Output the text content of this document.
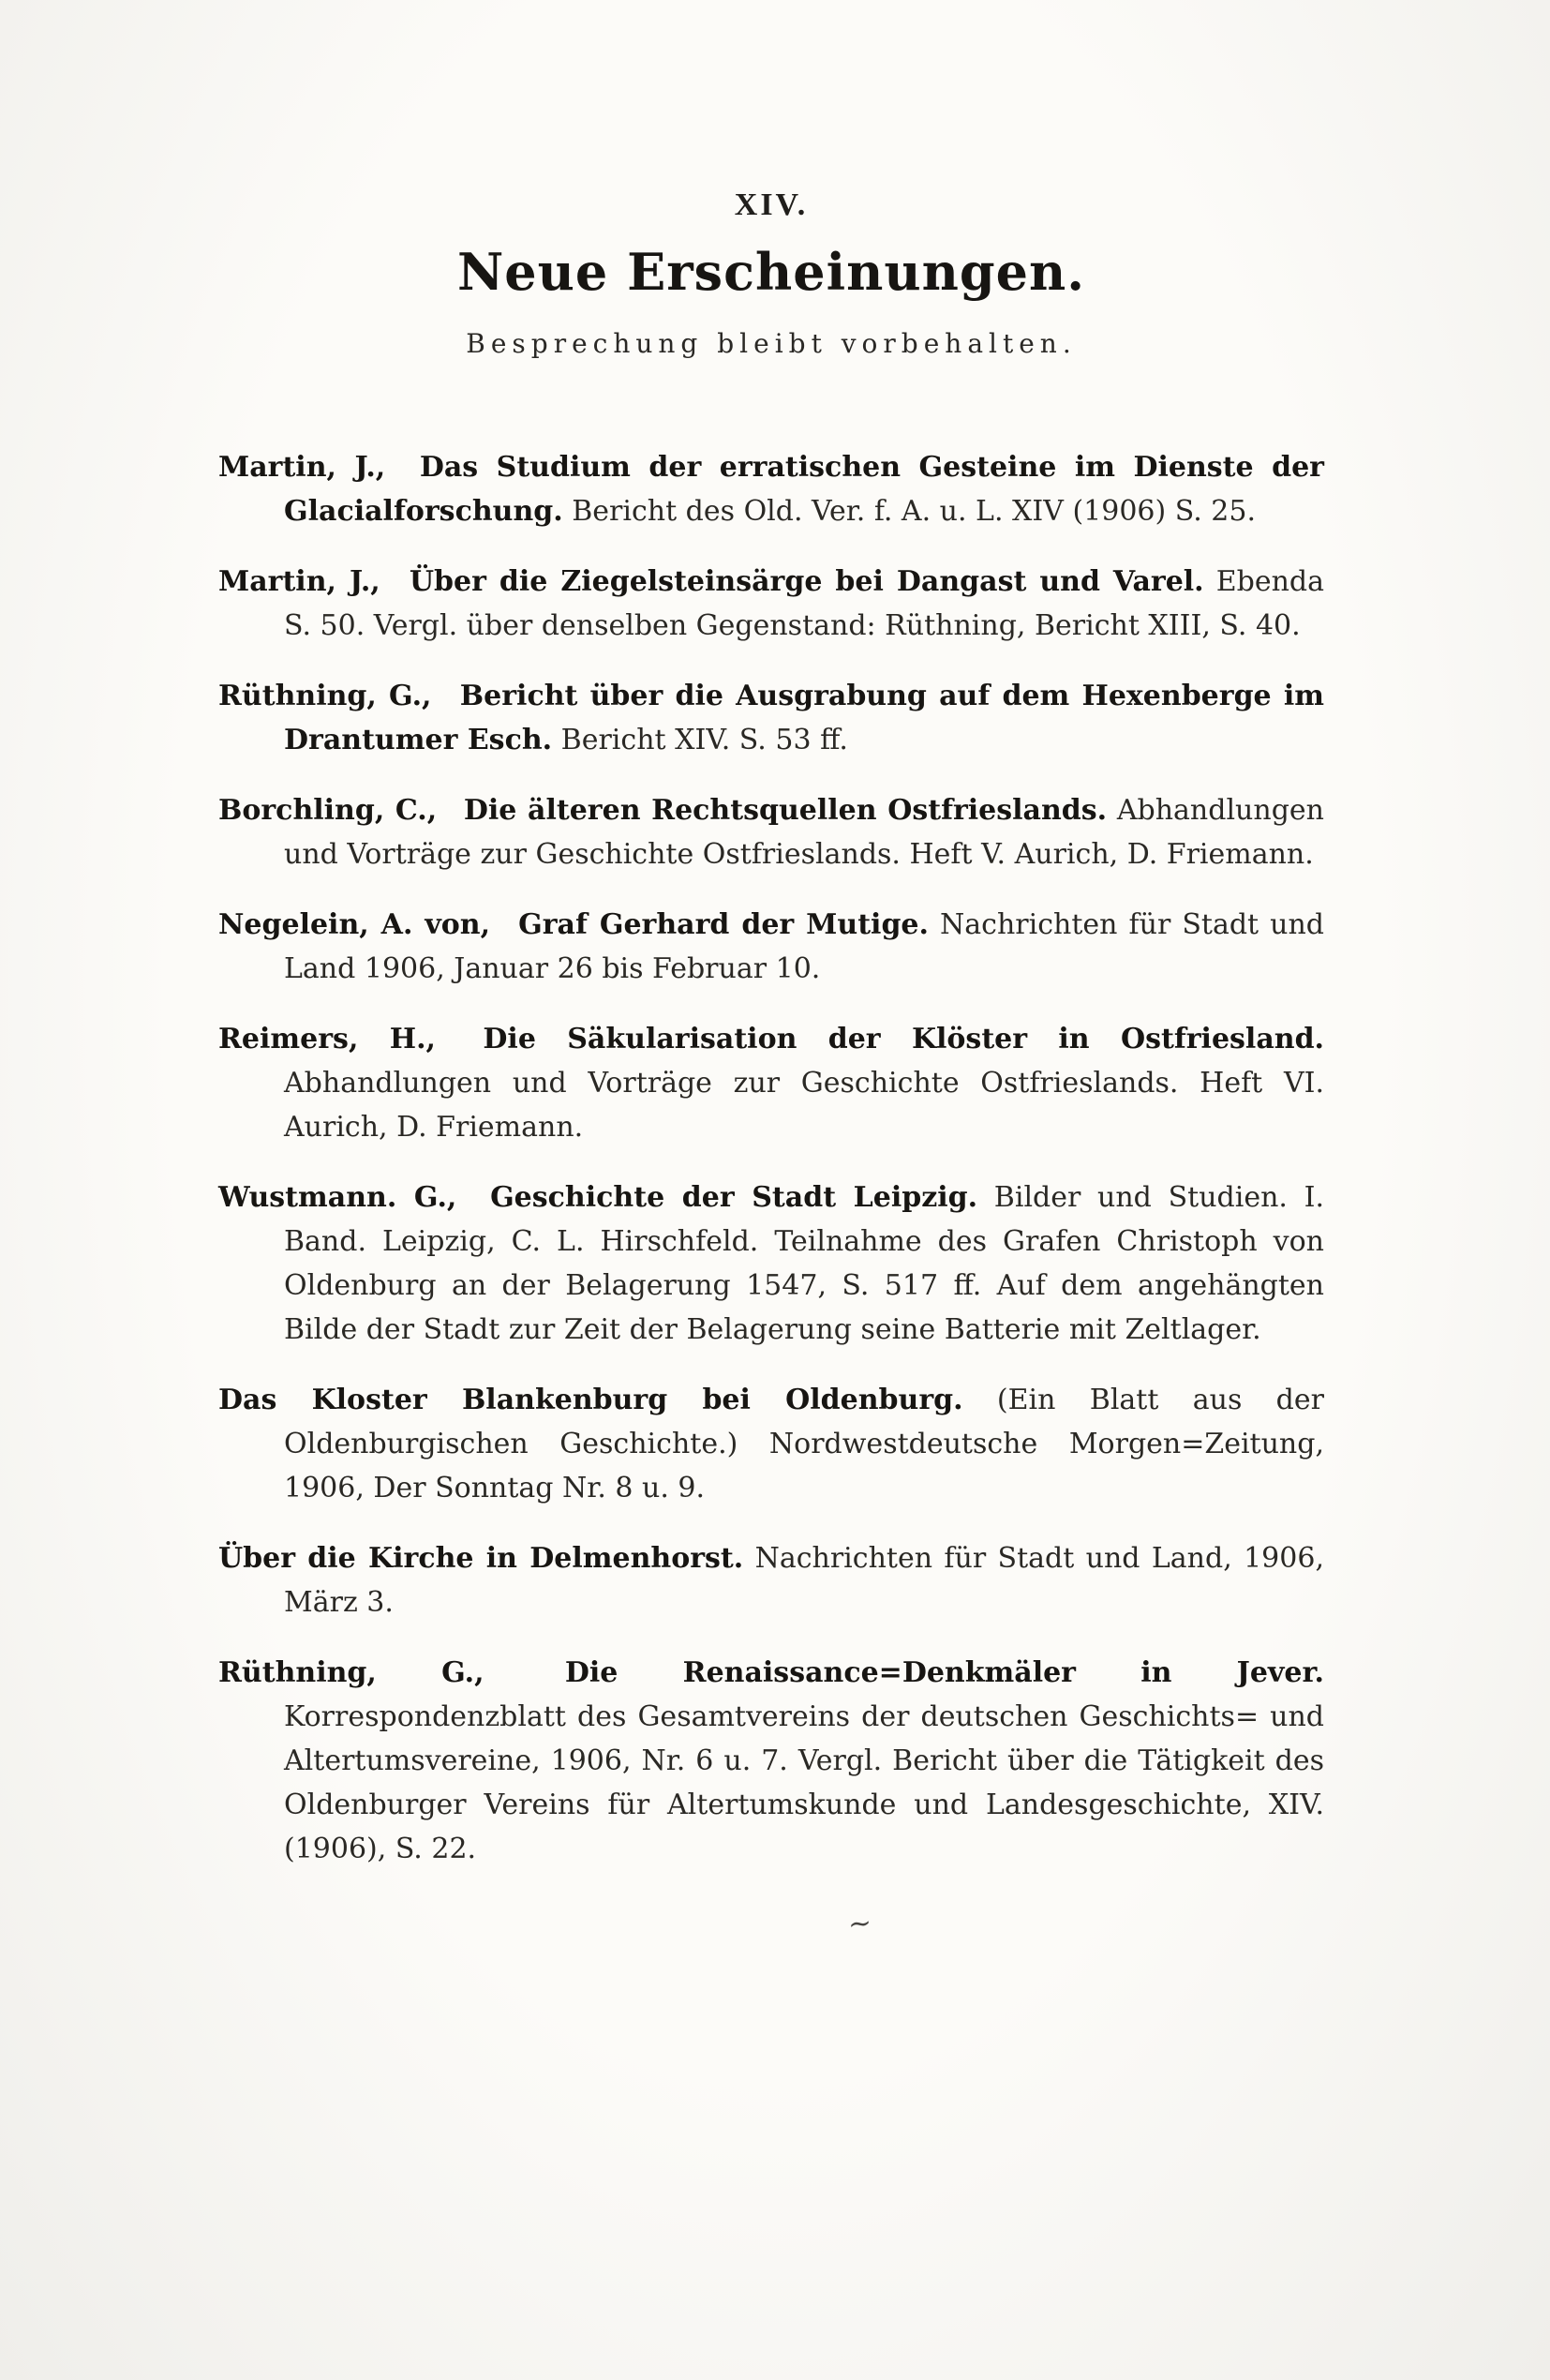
XIV.
Neue Erscheinungen.
Besprechung bleibt vorbehalten.

Martin, J., Das Studium der erratischen Gesteine im Dienste der Glacialforschung. Bericht des Old. Ver. f. A. u. L. XIV (1906) S. 25.

Martin, J., Über die Ziegelsteinsärge bei Dangast und Varel. Ebenda S. 50. Vergl. über denselben Gegenstand: Rüthning, Bericht XIII, S. 40.

Rüthning, G., Bericht über die Ausgrabung auf dem Hexenberge im Drantumer Esch. Bericht XIV. S. 53 ff.

Borchling, C., Die älteren Rechtsquellen Ostfrieslands. Abhandlungen und Vorträge zur Geschichte Ostfrieslands. Heft V. Aurich, D. Friemann.

Negelein, A. von, Graf Gerhard der Mutige. Nachrichten für Stadt und Land 1906, Januar 26 bis Februar 10.

Reimers, H., Die Säkularisation der Klöster in Ostfriesland. Abhandlungen und Vorträge zur Geschichte Ostfrieslands. Heft VI. Aurich, D. Friemann.

Wustmann. G., Geschichte der Stadt Leipzig. Bilder und Studien. I. Band. Leipzig, C. L. Hirschfeld. Teilnahme des Grafen Christoph von Oldenburg an der Belagerung 1547, S. 517 ff. Auf dem angehängten Bilde der Stadt zur Zeit der Belagerung seine Batterie mit Zeltlager.

Das Kloster Blankenburg bei Oldenburg. (Ein Blatt aus der Oldenburgischen Geschichte.) Nordwestdeutsche Morgen=Zeitung, 1906, Der Sonntag Nr. 8 u. 9.

Über die Kirche in Delmenhorst. Nachrichten für Stadt und Land, 1906, März 3.

Rüthning, G.,	Die Renaissance=Denkmäler in Jever. Korrespondenzblatt des Gesamtvereins der deutschen Geschichts= und Altertumsvereine, 1906, Nr. 6 u. 7. Vergl. Bericht über die Tätigkeit des Oldenburger Vereins für Altertumskunde und Landesgeschichte, XIV. (1906), S. 22.

~
